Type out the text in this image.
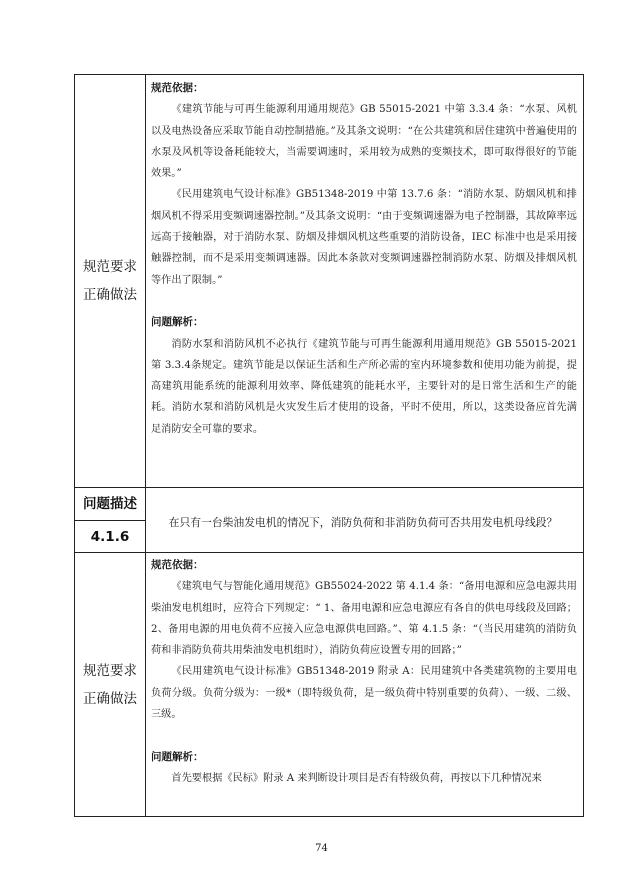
规范要求
正确做法

规范依据：

《建筑节能与可再生能源利用通用规范》GB 55015-2021 中第 3.3.4 条：“水泵、风机以及电热设备应采取节能自动控制措施。”及其条文说明：“在公共建筑和居住建筑中普遍使用的水泵及风机等设备耗能较大，当需要调速时，采用较为成熟的变频技术，即可取得很好的节能效果。”

《民用建筑电气设计标准》GB51348-2019 中第 13.7.6 条：“消防水泵、防烟风机和排烟风机不得采用变频调速器控制。”及其条文说明：“由于变频调速器为电子控制器，其故障率远远高于接触器，对于消防水泵、防烟及排烟风机这些重要的消防设备，IEC 标准中也是采用接触器控制，而不是采用变频调速器。因此本条款对变频调速器控制消防水泵、防烟及排烟风机等作出了限制。”

问题解析：

消防水泵和消防风机不必执行《建筑节能与可再生能源利用通用规范》GB 55015-2021 第 3.3.4条规定。建筑节能是以保证生活和生产所必需的室内环境参数和使用功能为前提，提高建筑用能系统的能源利用效率、降低建筑的能耗水平，主要针对的是日常生活和生产的能耗。消防水泵和消防风机是火灾发生后才使用的设备，平时不使用，所以，这类设备应首先满足消防安全可靠的要求。

问题描述
4.1.6
在只有一台柴油发电机的情况下，消防负荷和非消防负荷可否共用发电机母线段？
规范要求
正确做法

规范依据：

《建筑电气与智能化通用规范》GB55024-2022 第 4.1.4 条：“备用电源和应急电源共用柴油发电机组时，应符合下列规定：“ 1、备用电源和应急电源应有各自的供电母线段及回路；2、备用电源的用电负荷不应接入应急电源供电回路。”、第 4.1.5 条：“（当民用建筑的消防负荷和非消防负荷共用柴油发电机组时），消防负荷应设置专用的回路；”

《民用建筑电气设计标准》GB51348-2019 附录 A：民用建筑中各类建筑物的主要用电负荷分级。负荷分级为：一级*（即特级负荷，是一级负荷中特别重要的负荷）、一级、二级、三级。

问题解析：

首先要根据《民标》附录 A 来判断设计项目是否有特级负荷，再按以下几种情况来

74
